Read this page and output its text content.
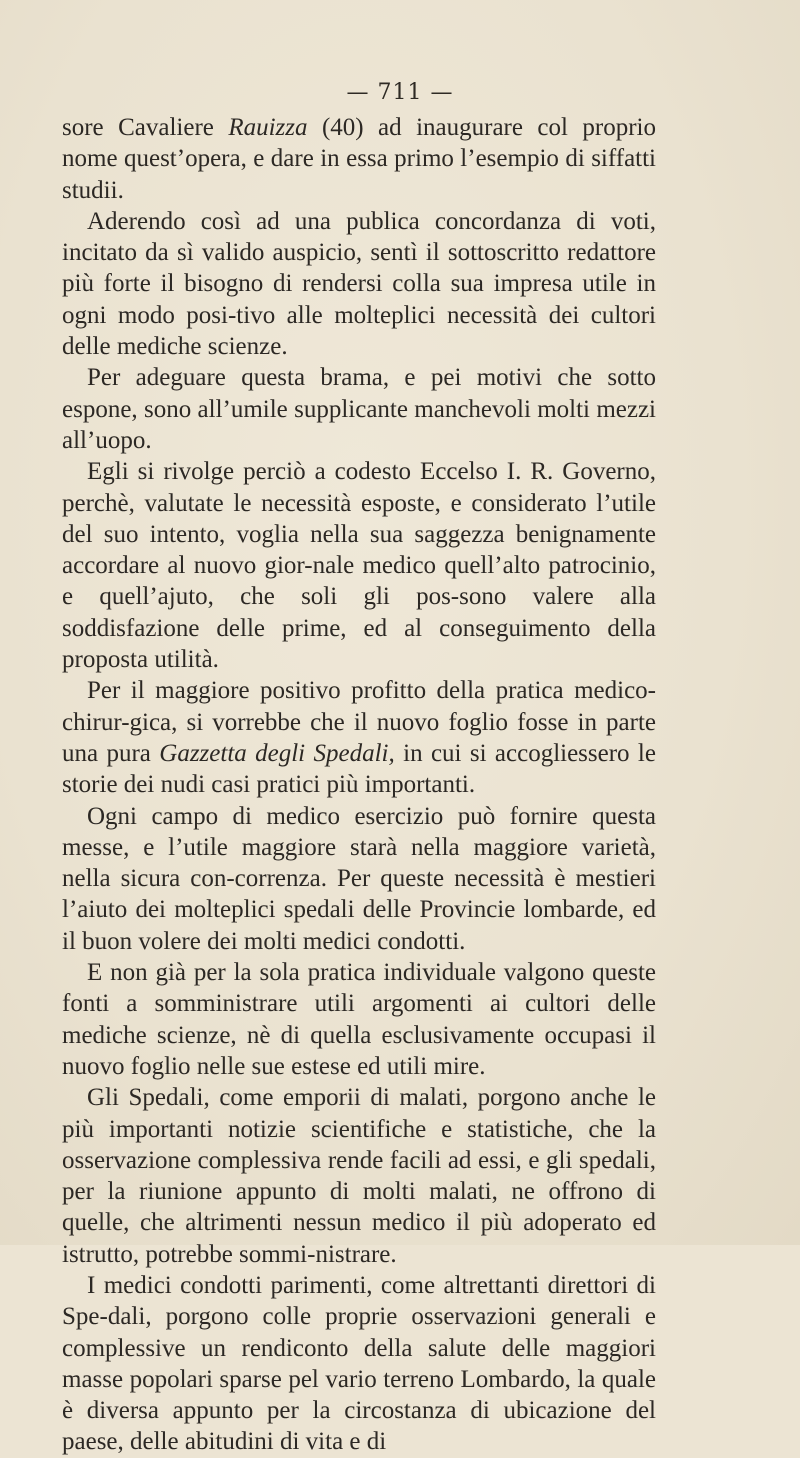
— 711 —

sore Cavaliere Rauizza (40) ad inaugurare col proprio nome quest’opera, e dare in essa primo l’esempio di siffatti studii.

Aderendo così ad una publica concordanza di voti, incitato da sì valido auspicio, sentì il sottoscritto redattore più forte il bisogno di rendersi colla sua impresa utile in ogni modo posi-tivo alle molteplici necessità dei cultori delle mediche scienze.

Per adeguare questa brama, e pei motivi che sotto espone, sono all’umile supplicante manchevoli molti mezzi all’uopo.

Egli si rivolge perciò a codesto Eccelso I. R. Governo, perchè, valutate le necessità esposte, e considerato l’utile del suo intento, voglia nella sua saggezza benignamente accordare al nuovo gior-nale medico quell’alto patrocinio, e quell’ajuto, che soli gli pos-sono valere alla soddisfazione delle prime, ed al conseguimento della proposta utilità.

Per il maggiore positivo profitto della pratica medico-chirur-gica, si vorrebbe che il nuovo foglio fosse in parte una pura Gazzetta degli Spedali, in cui si accogliessero le storie dei nudi casi pratici più importanti.

Ogni campo di medico esercizio può fornire questa messe, e l’utile maggiore starà nella maggiore varietà, nella sicura con-correnza. Per queste necessità è mestieri l’aiuto dei molteplici spedali delle Provincie lombarde, ed il buon volere dei molti medici condotti.

E non già per la sola pratica individuale valgono queste fonti a somministrare utili argomenti ai cultori delle mediche scienze, nè di quella esclusivamente occupasi il nuovo foglio nelle sue estese ed utili mire.

Gli Spedali, come emporii di malati, porgono anche le più importanti notizie scientifiche e statistiche, che la osservazione complessiva rende facili ad essi, e gli spedali, per la riunione appunto di molti malati, ne offrono di quelle, che altrimenti nessun medico il più adoperato ed istrutto, potrebbe sommi-nistrare.

I medici condotti parimenti, come altrettanti direttori di Spe-dali, porgono colle proprie osservazioni generali e complessive un rendiconto della salute delle maggiori masse popolari sparse pel vario terreno Lombardo, la quale è diversa appunto per la circostanza di ubicazione del paese, delle abitudini di vita e di
